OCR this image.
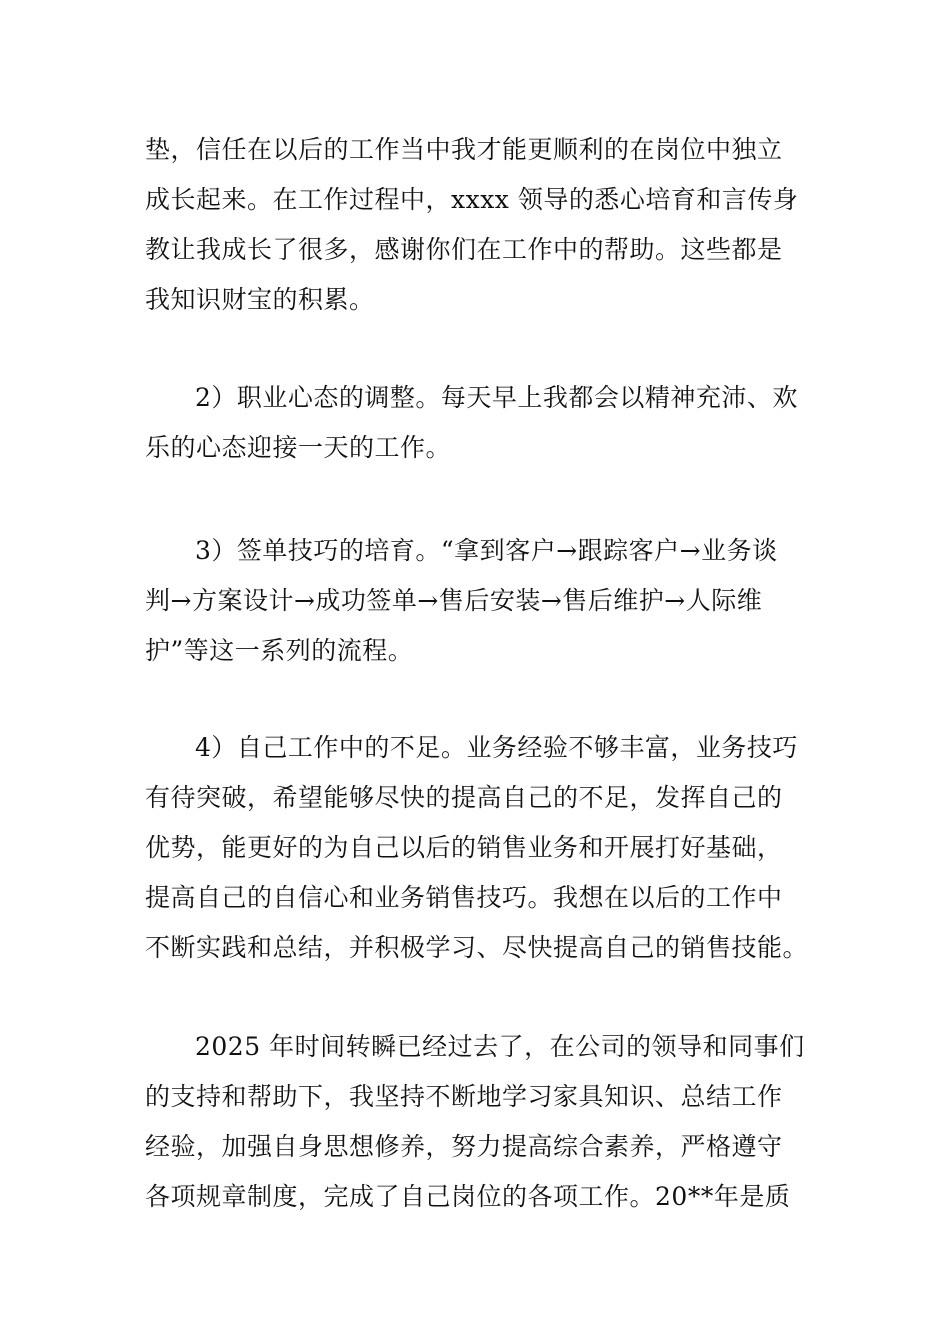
垫，信任在以后的工作当中我才能更顺利的在岗位中独立
成长起来。在工作过程中，xxxx 领导的悉心培育和言传身
教让我成长了很多，感谢你们在工作中的帮助。这些都是
我知识财宝的积累。

2）职业心态的调整。每天早上我都会以精神充沛、欢
乐的心态迎接一天的工作。

3）签单技巧的培育。“拿到客户→跟踪客户→业务谈
判→方案设计→成功签单→售后安装→售后维护→人际维
护”等这一系列的流程。

4）自己工作中的不足。业务经验不够丰富，业务技巧
有待突破，希望能够尽快的提高自己的不足，发挥自己的
优势，能更好的为自己以后的销售业务和开展打好基础，
提高自己的自信心和业务销售技巧。我想在以后的工作中
不断实践和总结，并积极学习、尽快提高自己的销售技能。

2025 年时间转瞬已经过去了，在公司的领导和同事们
的支持和帮助下，我坚持不断地学习家具知识、总结工作
经验，加强自身思想修养，努力提高综合素养，严格遵守
各项规章制度，完成了自己岗位的各项工作。20**年是质
